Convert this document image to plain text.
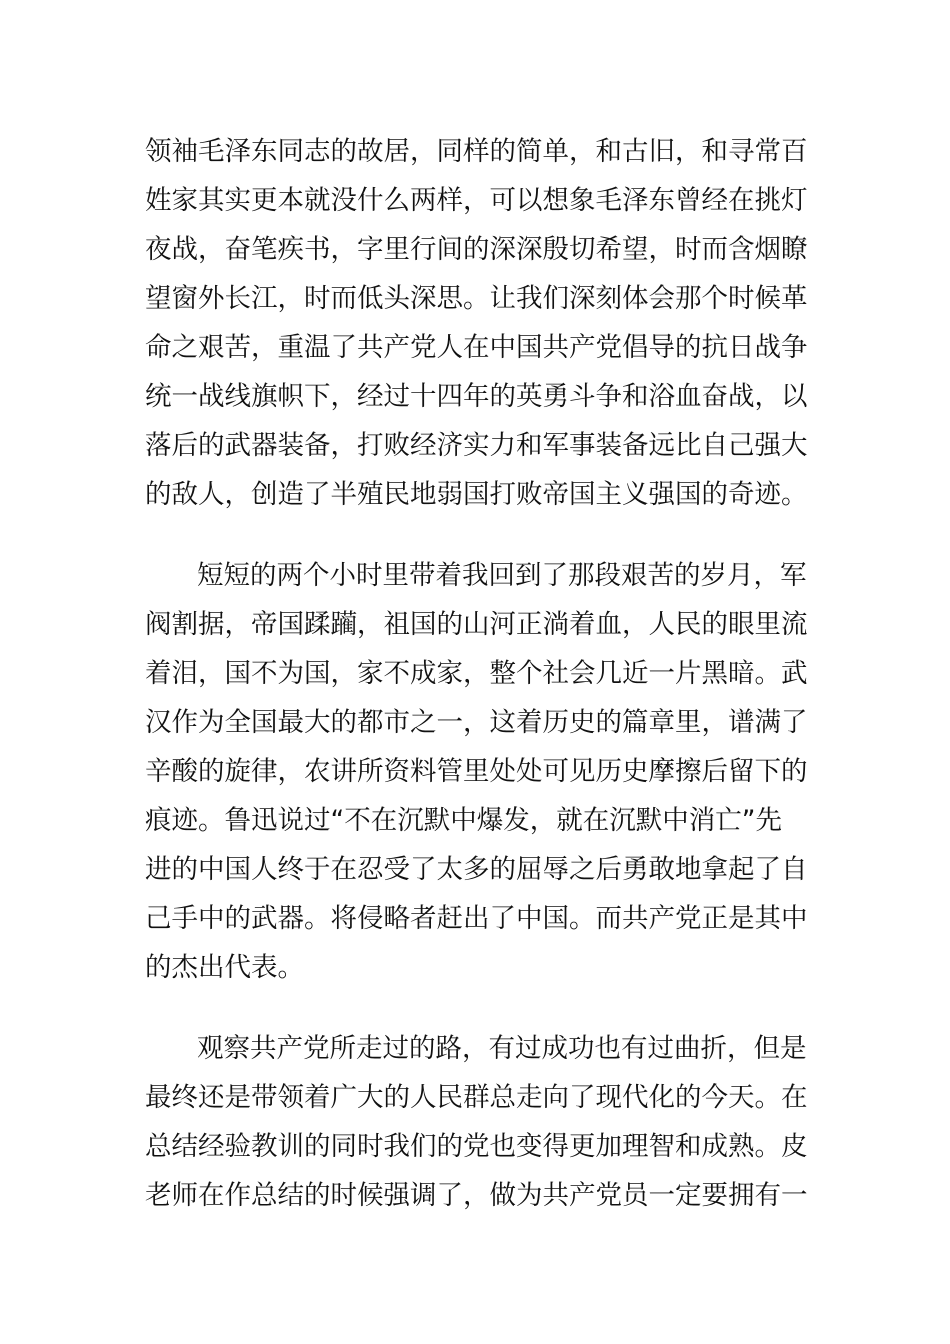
领袖毛泽东同志的故居，同样的简单，和古旧，和寻常百
姓家其实更本就没什么两样，可以想象毛泽东曾经在挑灯
夜战，奋笔疾书，字里行间的深深殷切希望，时而含烟瞭
望窗外长江，时而低头深思。让我们深刻体会那个时候革
命之艰苦，重温了共产党人在中国共产党倡导的抗日战争
统一战线旗帜下，经过十四年的英勇斗争和浴血奋战，以
落后的武器装备，打败经济实力和军事装备远比自己强大
的敌人，创造了半殖民地弱国打败帝国主义强国的奇迹。
短短的两个小时里带着我回到了那段艰苦的岁月，军
阀割据，帝国蹂躏，祖国的山河正淌着血，人民的眼里流
着泪，国不为国，家不成家，整个社会几近一片黑暗。武
汉作为全国最大的都市之一，这着历史的篇章里，谱满了
辛酸的旋律，农讲所资料管里处处可见历史摩擦后留下的
痕迹。鲁迅说过“不在沉默中爆发，就在沉默中消亡”先
进的中国人终于在忍受了太多的屈辱之后勇敢地拿起了自
己手中的武器。将侵略者赶出了中国。而共产党正是其中
的杰出代表。
观察共产党所走过的路，有过成功也有过曲折，但是
最终还是带领着广大的人民群总走向了现代化的今天。在
总结经验教训的同时我们的党也变得更加理智和成熟。皮
老师在作总结的时候强调了，做为共产党员一定要拥有一
